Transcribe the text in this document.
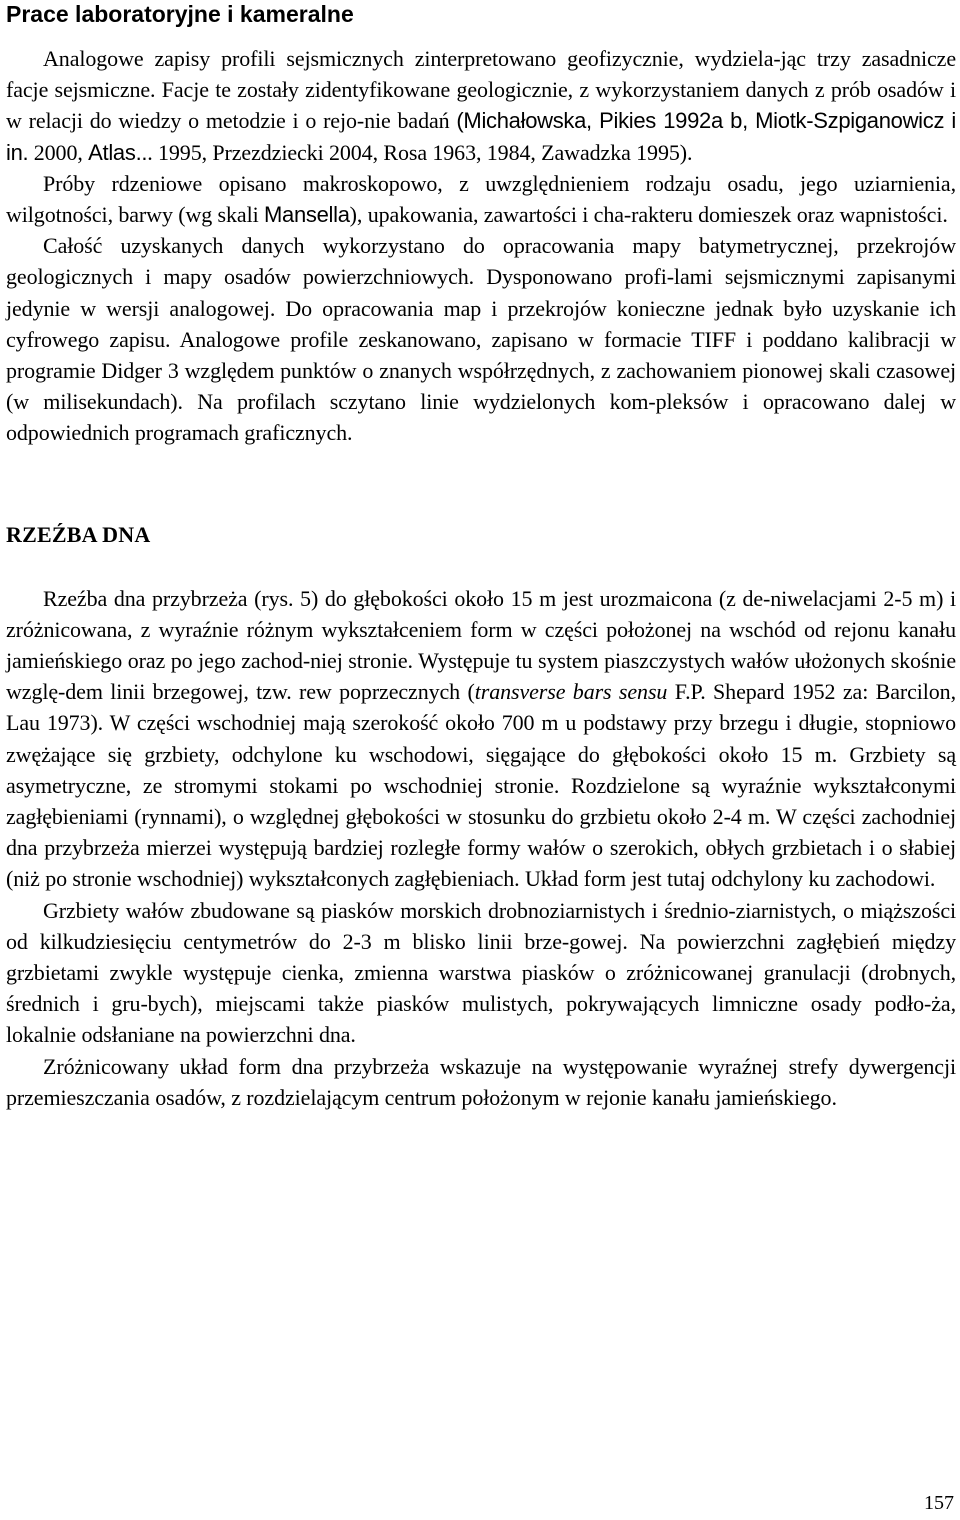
Prace laboratoryjne i kameralne

Analogowe zapisy profili sejsmicznych zinterpretowano geofizycznie, wydziela-jąc trzy zasadnicze facje sejsmiczne. Facje te zostały zidentyfikowane geologicznie, z wykorzystaniem danych z prób osadów i w relacji do wiedzy o metodzie i o rejo-nie badań (Michałowska, Pikies 1992a b, Miotk-Szpiganowicz i in. 2000, Atlas... 1995, Przezdziecki 2004, Rosa 1963, 1984, Zawadzka 1995).

Próby rdzeniowe opisano makroskopowo, z uwzględnieniem rodzaju osadu, jego uziarnienia, wilgotności, barwy (wg skali Mansella), upakowania, zawartości i cha-rakteru domieszek oraz wapnistości.

Całość uzyskanych danych wykorzystano do opracowania mapy batymetrycznej, przekrojów geologicznych i mapy osadów powierzchniowych. Dysponowano profi-lami sejsmicznymi zapisanymi jedynie w wersji analogowej. Do opracowania map i przekrojów konieczne jednak było uzyskanie ich cyfrowego zapisu. Analogowe profile zeskanowano, zapisano w formacie TIFF i poddano kalibracji w programie Didger 3 względem punktów o znanych współrzędnych, z zachowaniem pionowej skali czasowej (w milisekundach). Na profilach sczytano linie wydzielonych kom-pleksów i opracowano dalej w odpowiednich programach graficznych.

RZEŹBA DNA

Rzeźba dna przybrzeża (rys. 5) do głębokości około 15 m jest urozmaicona (z de-niwelacjami 2-5 m) i zróżnicowana, z wyraźnie różnym wykształceniem form w części położonej na wschód od rejonu kanału jamieńskiego oraz po jego zachod-niej stronie. Występuje tu system piaszczystych wałów ułożonych skośnie wzglę-dem linii brzegowej, tzw. rew poprzecznych (transverse bars sensu F.P. Shepard 1952 za: Barcilon, Lau 1973). W części wschodniej mają szerokość około 700 m u podstawy przy brzegu i długie, stopniowo zwężające się grzbiety, odchylone ku wschodowi, sięgające do głębokości około 15 m. Grzbiety są asymetryczne, ze stromymi stokami po wschodniej stronie. Rozdzielone są wyraźnie wykształconymi zagłębieniami (rynnami), o względnej głębokości w stosunku do grzbietu około 2-4 m. W części zachodniej dna przybrzeża mierzei występują bardziej rozległe formy wałów o szerokich, obłych grzbietach i o słabiej (niż po stronie wschodniej) wykształconych zagłębieniach. Układ form jest tutaj odchylony ku zachodowi.

Grzbiety wałów zbudowane są piasków morskich drobnoziarnistych i średnio-ziarnistych, o miąższości od kilkudziesięciu centymetrów do 2-3 m blisko linii brze-gowej. Na powierzchni zagłębień między grzbietami zwykle występuje cienka, zmienna warstwa piasków o zróżnicowanej granulacji (drobnych, średnich i gru-bych), miejscami także piasków mulistych, pokrywających limniczne osady podło-ża, lokalnie odsłaniane na powierzchni dna.

Zróżnicowany układ form dna przybrzeża wskazuje na występowanie wyraźnej strefy dywergencji przemieszczania osadów, z rozdzielającym centrum położonym w rejonie kanału jamieńskiego.

157
